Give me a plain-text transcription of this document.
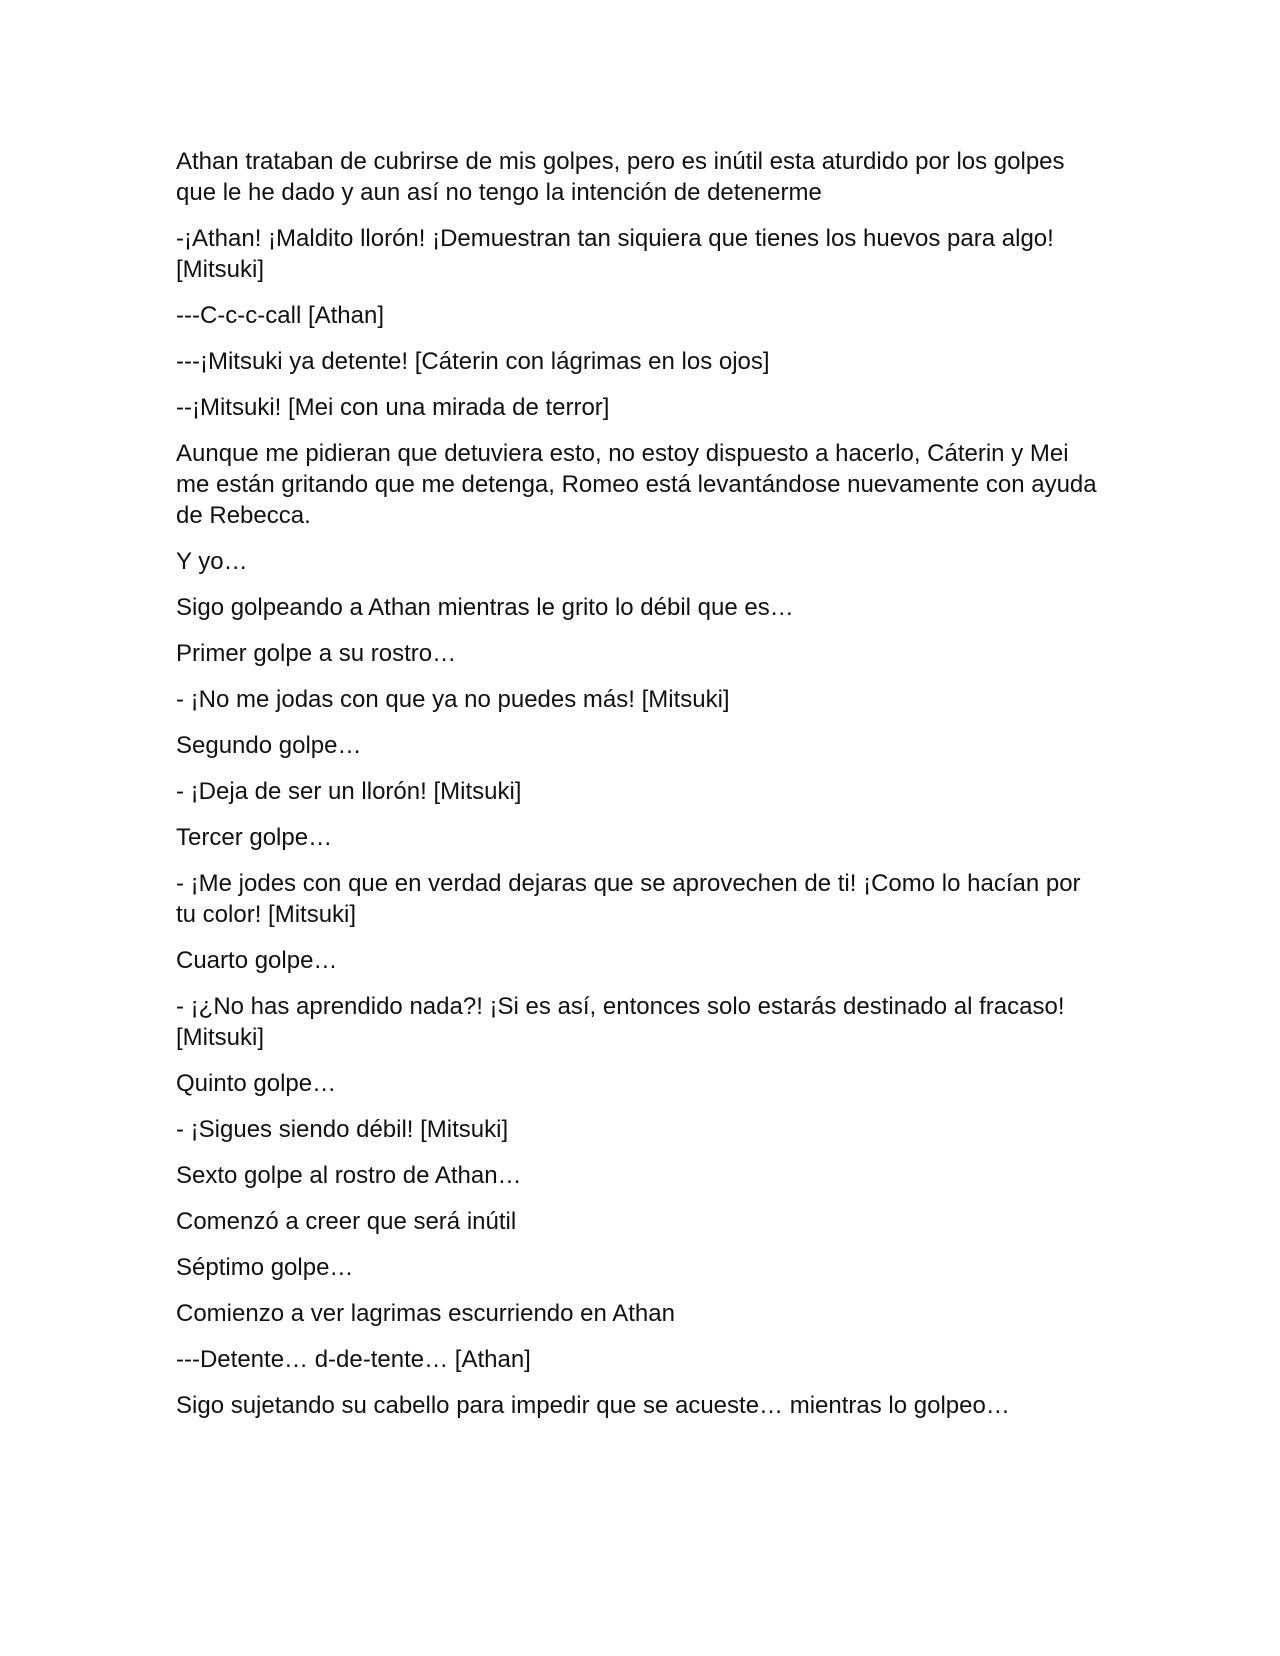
Athan trataban de cubrirse de mis golpes, pero es inútil esta aturdido por los golpes que le he dado y aun así no tengo la intención de detenerme

-¡Athan! ¡Maldito llorón! ¡Demuestran tan siquiera que tienes los huevos para algo! [Mitsuki]

---C-c-c-call [Athan]

---¡Mitsuki ya detente! [Cáterin con lágrimas en los ojos]

--¡Mitsuki! [Mei con una mirada de terror]

Aunque me pidieran que detuviera esto, no estoy dispuesto a hacerlo, Cáterin y Mei me están gritando que me detenga, Romeo está levantándose nuevamente con ayuda de Rebecca.

Y yo…

Sigo golpeando a Athan mientras le grito lo débil que es…

Primer golpe a su rostro…

- ¡No me jodas con que ya no puedes más! [Mitsuki]

Segundo golpe…

- ¡Deja de ser un llorón! [Mitsuki]

Tercer golpe…

- ¡Me jodes con que en verdad dejaras que se aprovechen de ti! ¡Como lo hacían por tu color! [Mitsuki]

Cuarto golpe…

- ¡¿No has aprendido nada?! ¡Si es así, entonces solo estarás destinado al fracaso! [Mitsuki]

Quinto golpe…

- ¡Sigues siendo débil! [Mitsuki]

Sexto golpe al rostro de Athan…

Comenzó a creer que será inútil

Séptimo golpe…

Comienzo a ver lagrimas escurriendo en Athan

---Detente… d-de-tente… [Athan]

Sigo sujetando su cabello para impedir que se acueste… mientras lo golpeo…
